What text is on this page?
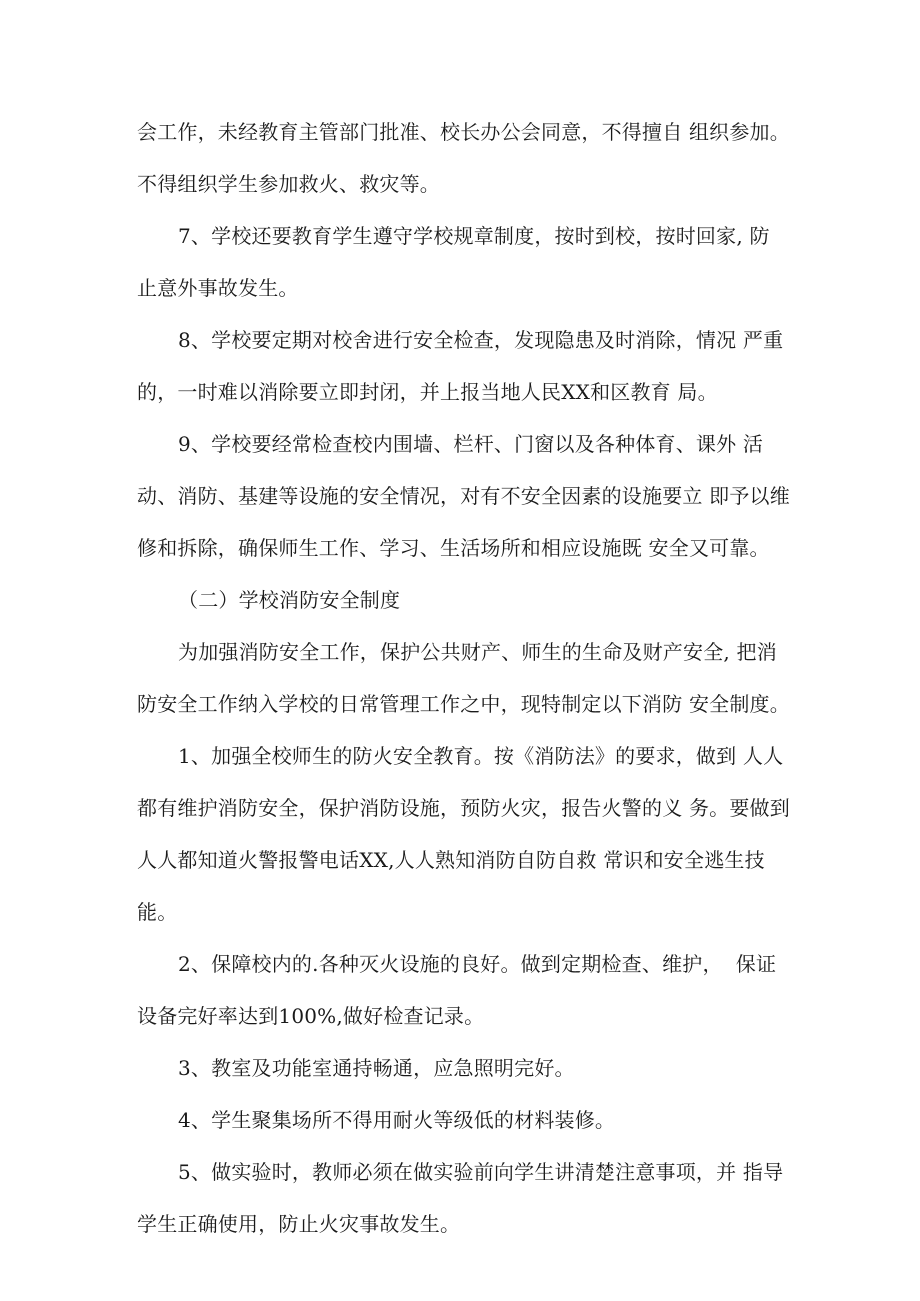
会工作，未经教育主管部门批准、校长办公会同意，不得擅自 组织参加。
不得组织学生参加救火、救灾等。
7、学校还要教育学生遵守学校规章制度，按时到校，按时回家, 防
止意外事故发生。
8、学校要定期对校舍进行安全检查，发现隐患及时消除，情况 严重
的，一时难以消除要立即封闭，并上报当地人民XX和区教育 局。
9、学校要经常检查校内围墙、栏杆、门窗以及各种体育、课外 活
动、消防、基建等设施的安全情况，对有不安全因素的设施要立 即予以维
修和拆除，确保师生工作、学习、生活场所和相应设施既 安全又可靠。
（二）学校消防安全制度
为加强消防安全工作，保护公共财产、师生的生命及财产安全, 把消
防安全工作纳入学校的日常管理工作之中，现特制定以下消防 安全制度。
1、加强全校师生的防火安全教育。按《消防法》的要求，做到 人人
都有维护消防安全，保护消防设施，预防火灾，报告火警的义 务。要做到
人人都知道火警报警电话XX,人人熟知消防自防自救 常识和安全逃生技
能。
2、保障校内的.各种灭火设施的良好。做到定期检查、维护，  保证
设备完好率达到100%,做好检查记录。
3、教室及功能室通持畅通，应急照明完好。
4、学生聚集场所不得用耐火等级低的材料装修。
5、做实验时，教师必须在做实验前向学生讲清楚注意事项，并 指导
学生正确使用，防止火灾事故发生。
